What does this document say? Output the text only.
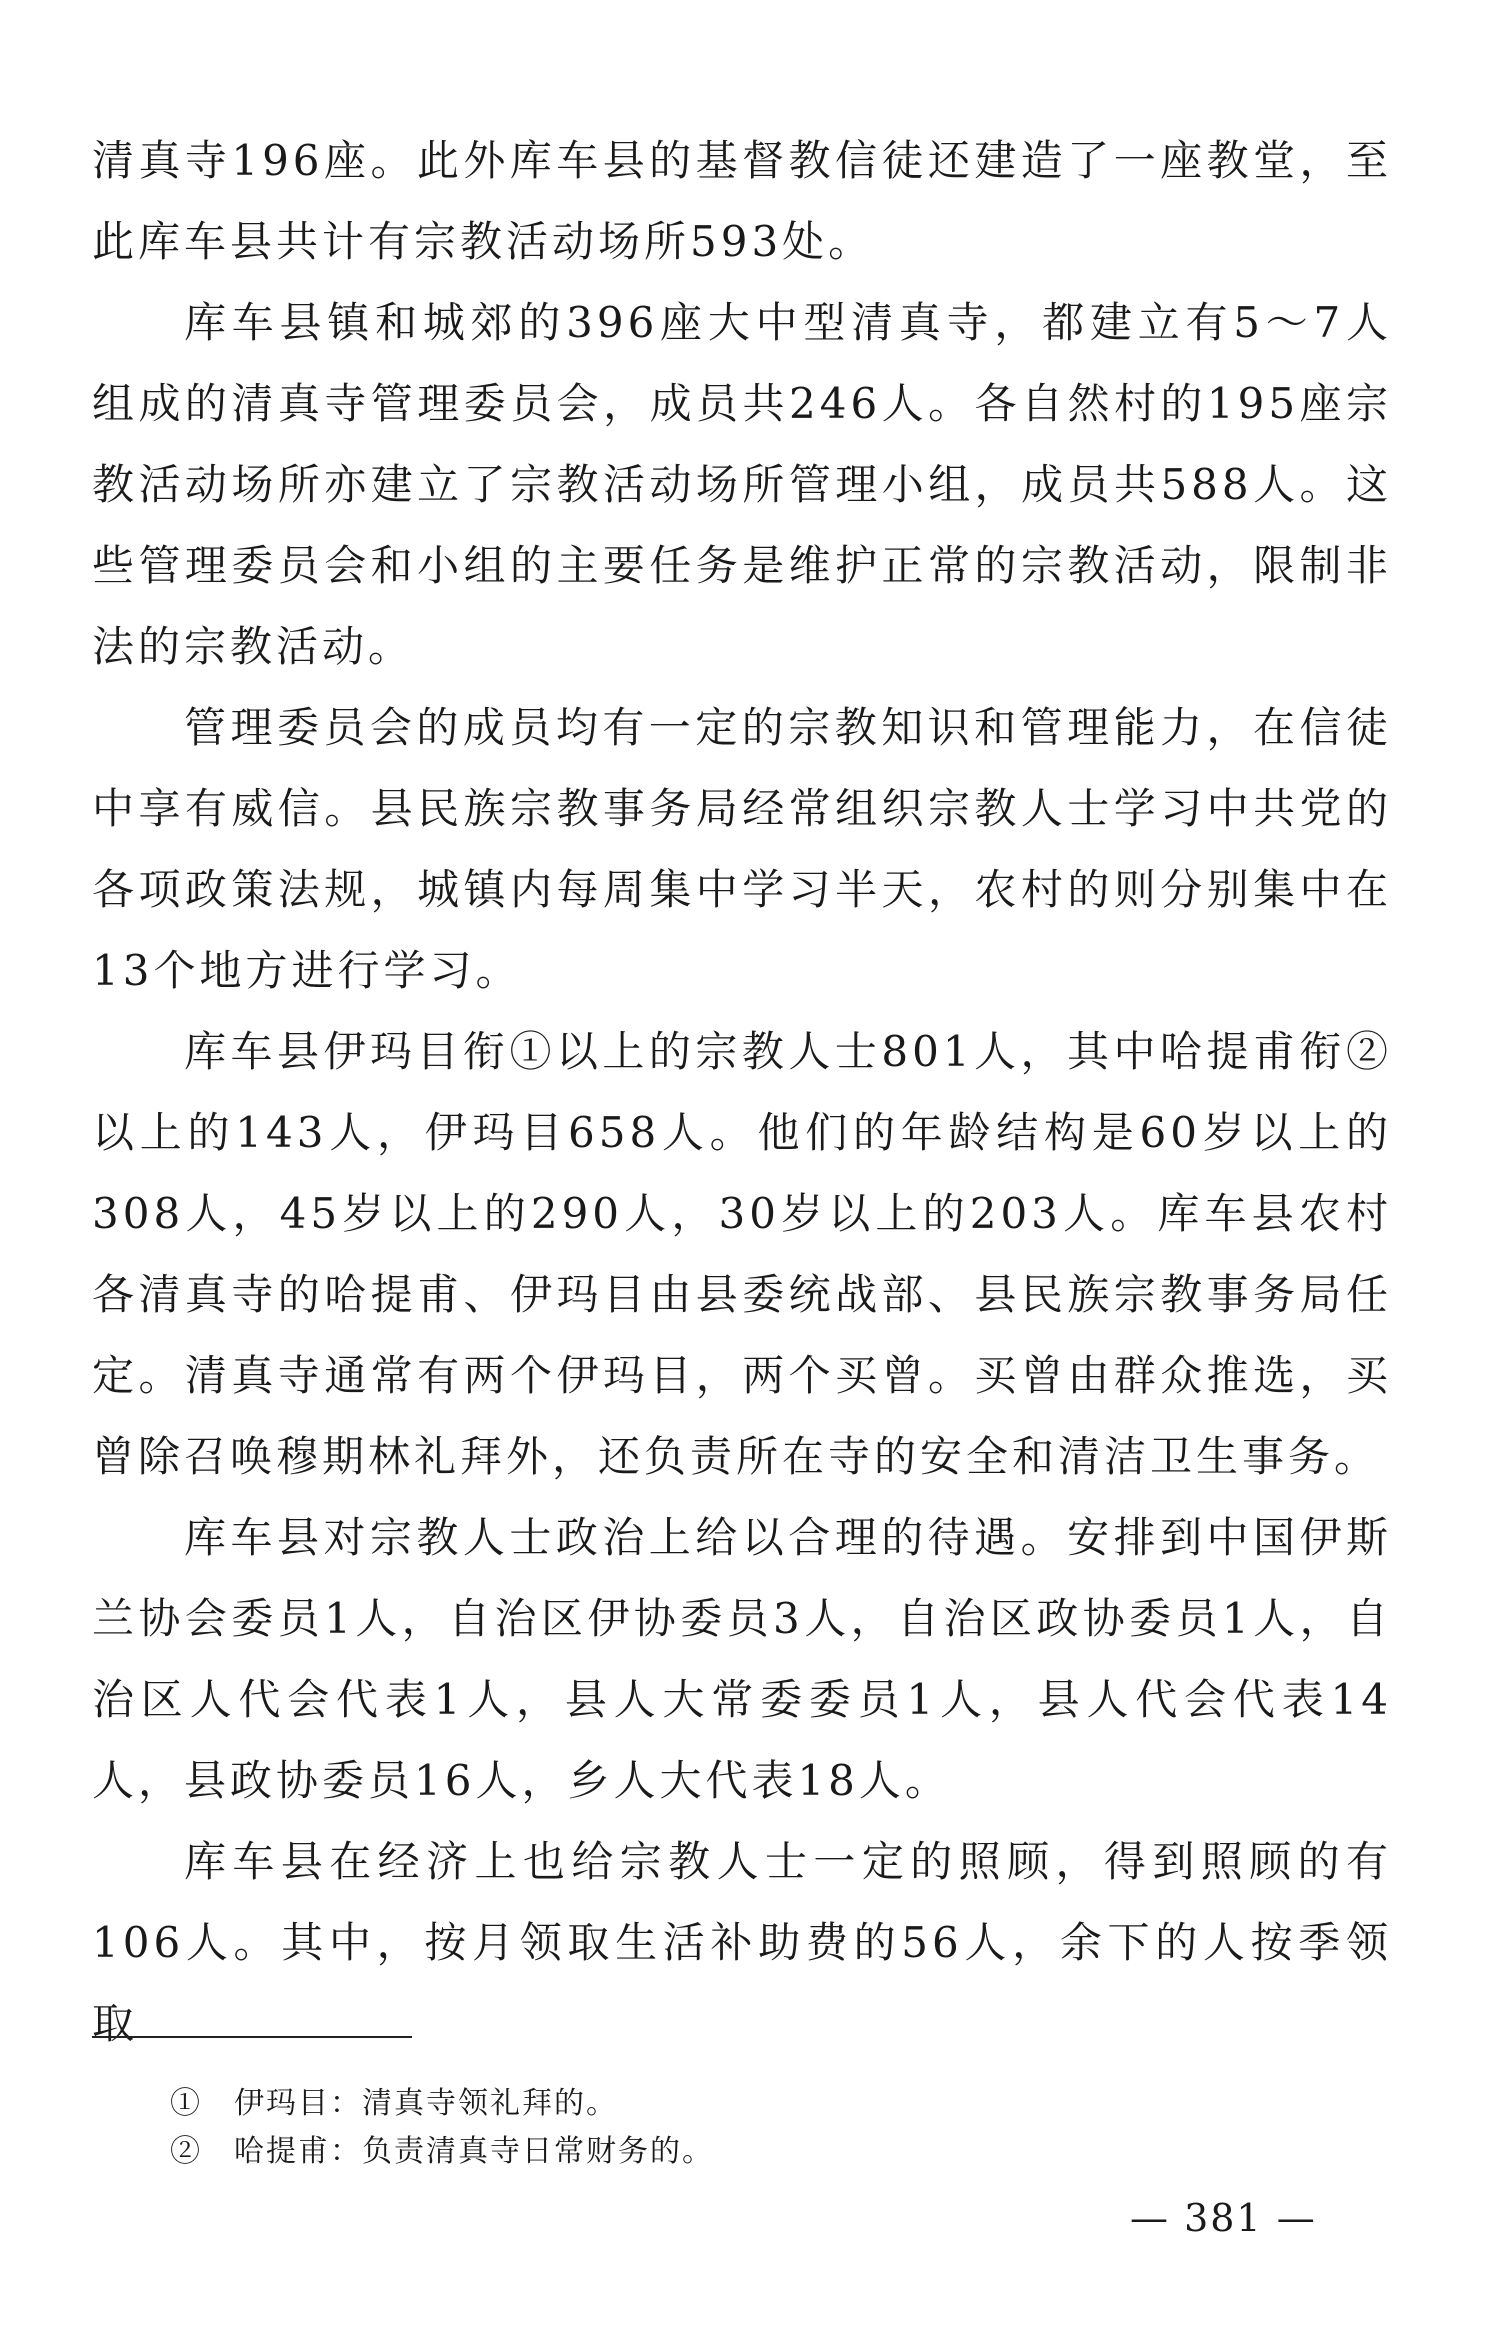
清真寺196座。此外库车县的基督教信徒还建造了一座教堂，至此库车县共计有宗教活动场所593处。

库车县镇和城郊的396座大中型清真寺，都建立有5～7人组成的清真寺管理委员会，成员共246人。各自然村的195座宗教活动场所亦建立了宗教活动场所管理小组，成员共588人。这些管理委员会和小组的主要任务是维护正常的宗教活动，限制非法的宗教活动。

管理委员会的成员均有一定的宗教知识和管理能力，在信徒中享有威信。县民族宗教事务局经常组织宗教人士学习中共党的各项政策法规，城镇内每周集中学习半天，农村的则分别集中在13个地方进行学习。

库车县伊玛目衔①以上的宗教人士801人，其中哈提甫衔②以上的143人，伊玛目658人。他们的年龄结构是60岁以上的308人，45岁以上的290人，30岁以上的203人。库车县农村各清真寺的哈提甫、伊玛目由县委统战部、县民族宗教事务局任定。清真寺通常有两个伊玛目，两个买曾。买曾由群众推选，买曾除召唤穆期林礼拜外，还负责所在寺的安全和清洁卫生事务。

库车县对宗教人士政治上给以合理的待遇。安排到中国伊斯兰协会委员1人，自治区伊协委员3人，自治区政协委员1人，自治区人代会代表1人，县人大常委委员1人，县人代会代表14人，县政协委员16人，乡人大代表18人。

库车县在经济上也给宗教人士一定的照顾，得到照顾的有106人。其中，按月领取生活补助费的56人，余下的人按季领取

①　伊玛目：清真寺领礼拜的。

②　哈提甫：负责清真寺日常财务的。

— 381 —
